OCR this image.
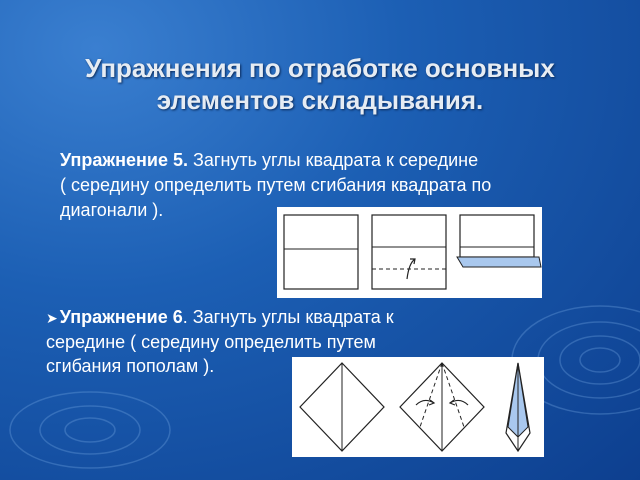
Упражнения по отработке основных
элементов складывания.
Упражнение 5. Загнуть углы квадрата к середине
( середину определить путем сгибания квадрата по
диагонали ).
➤ Упражнение 6. Загнуть углы квадрата к
середине ( середину определить путем
сгибания пополам ).
